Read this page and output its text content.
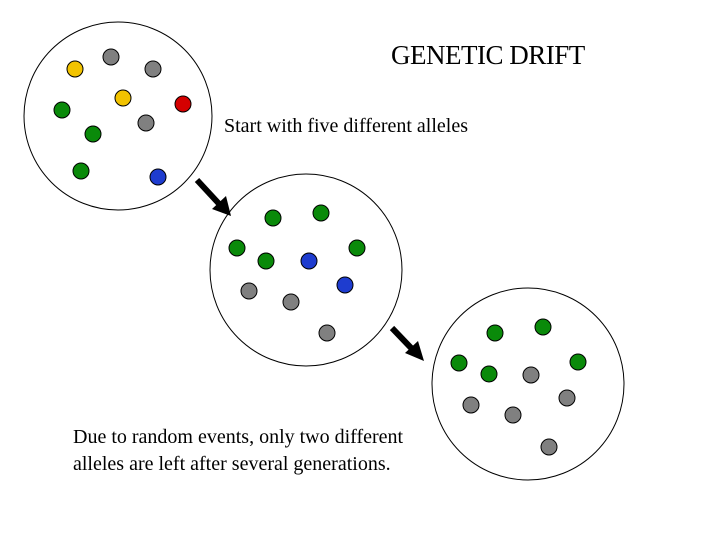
GENETIC DRIFT
Start with five different alleles
Due to random events, only two different alleles are left after several generations.
